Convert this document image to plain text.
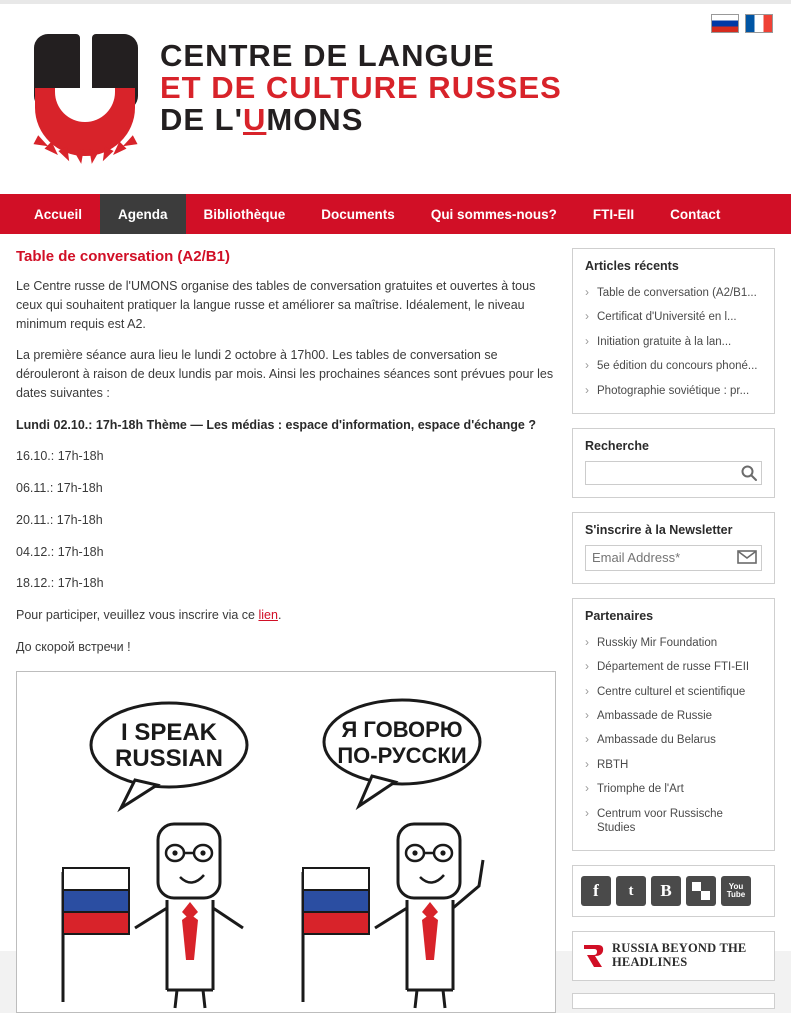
CENTRE DE LANGUE
ET DE CULTURE RUSSES
DE L'UMONS
Accueil	Agenda	Bibliothèque	Documents	Qui sommes-nous?	FTI-EII	Contact
Table de conversation (A2/B1)

Le Centre russe de l'UMONS organise des tables de conversation gratuites et ouvertes à tous ceux qui souhaitent pratiquer la langue russe et améliorer sa maîtrise. Idéalement, le niveau minimum requis est A2.

La première séance aura lieu le lundi 2 octobre à 17h00. Les tables de conversation se dérouleront à raison de deux lundis par mois. Ainsi les prochaines séances sont prévues pour les dates suivantes :

Lundi 02.10.: 17h-18h Thème — Les médias : espace d'information, espace d'échange ?

16.10.: 17h-18h

06.11.: 17h-18h

20.11.: 17h-18h

04.12.: 17h-18h

18.12.: 17h-18h

Pour participer, veuillez vous inscrire via ce lien.

До скорой встречи !

I SPEAK
RUSSIAN
Я ГОВОРЮ
ПО-РУССКИ
Articles récents
› Table de conversation (A2/B1...
› Certificat d'Université en l...
› Initiation gratuite à la lan...
› 5e édition du concours phoné...
› Photographie soviétique : pr...
Recherche
S'inscrire à la Newsletter
Email Address*
Partenaires
› Russkiy Mir Foundation
› Département de russe FTI-EII
› Centre culturel et scientifique
› Ambassade de Russie
› Ambassade du Belarus
› RBTH
› Triomphe de l'Art
› Centrum voor Russische Studies
f	t	B	You
Tube
RUSSIA BEYOND THE HEADLINES
